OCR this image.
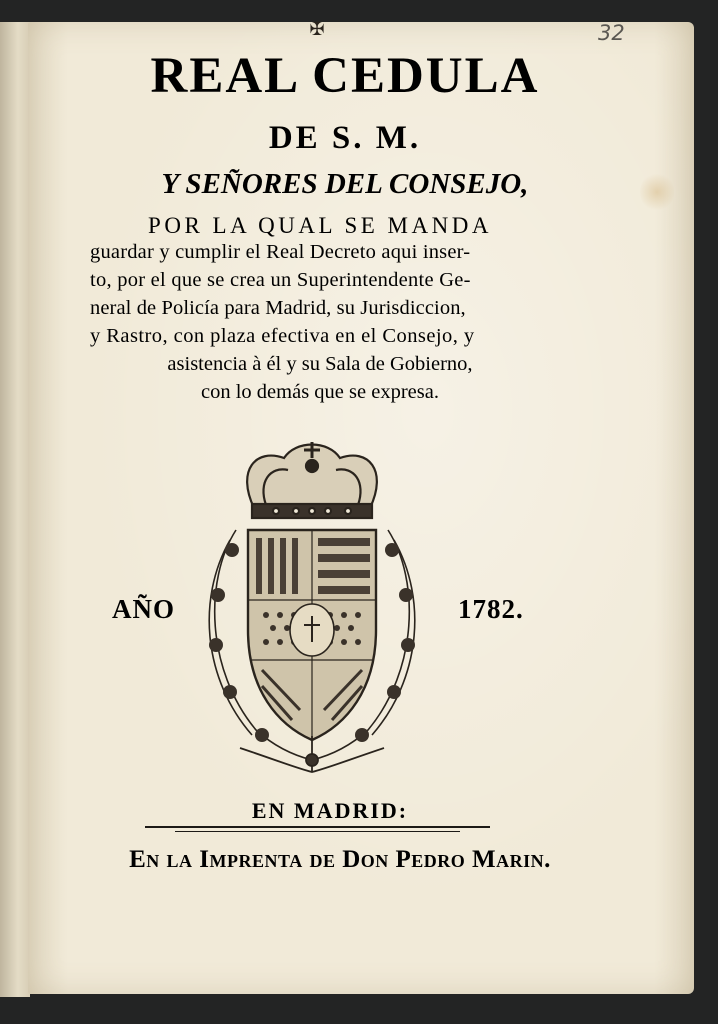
32
✠
REAL CEDULA
DE S. M.
Y SEÑORES DEL CONSEJO,
POR LA QUAL SE MANDA
guardar y cumplir el Real Decreto aqui inser-
to, por el que se crea un Superintendente Ge-
neral de Policía para Madrid, su Jurisdiccion,
y Rastro, con plaza efectiva en el Consejo, y
asistencia à él y su Sala de Gobierno,
con lo demás que se expresa.
AÑO	1782.
EN MADRID:
En la Imprenta de Don Pedro Marin.
